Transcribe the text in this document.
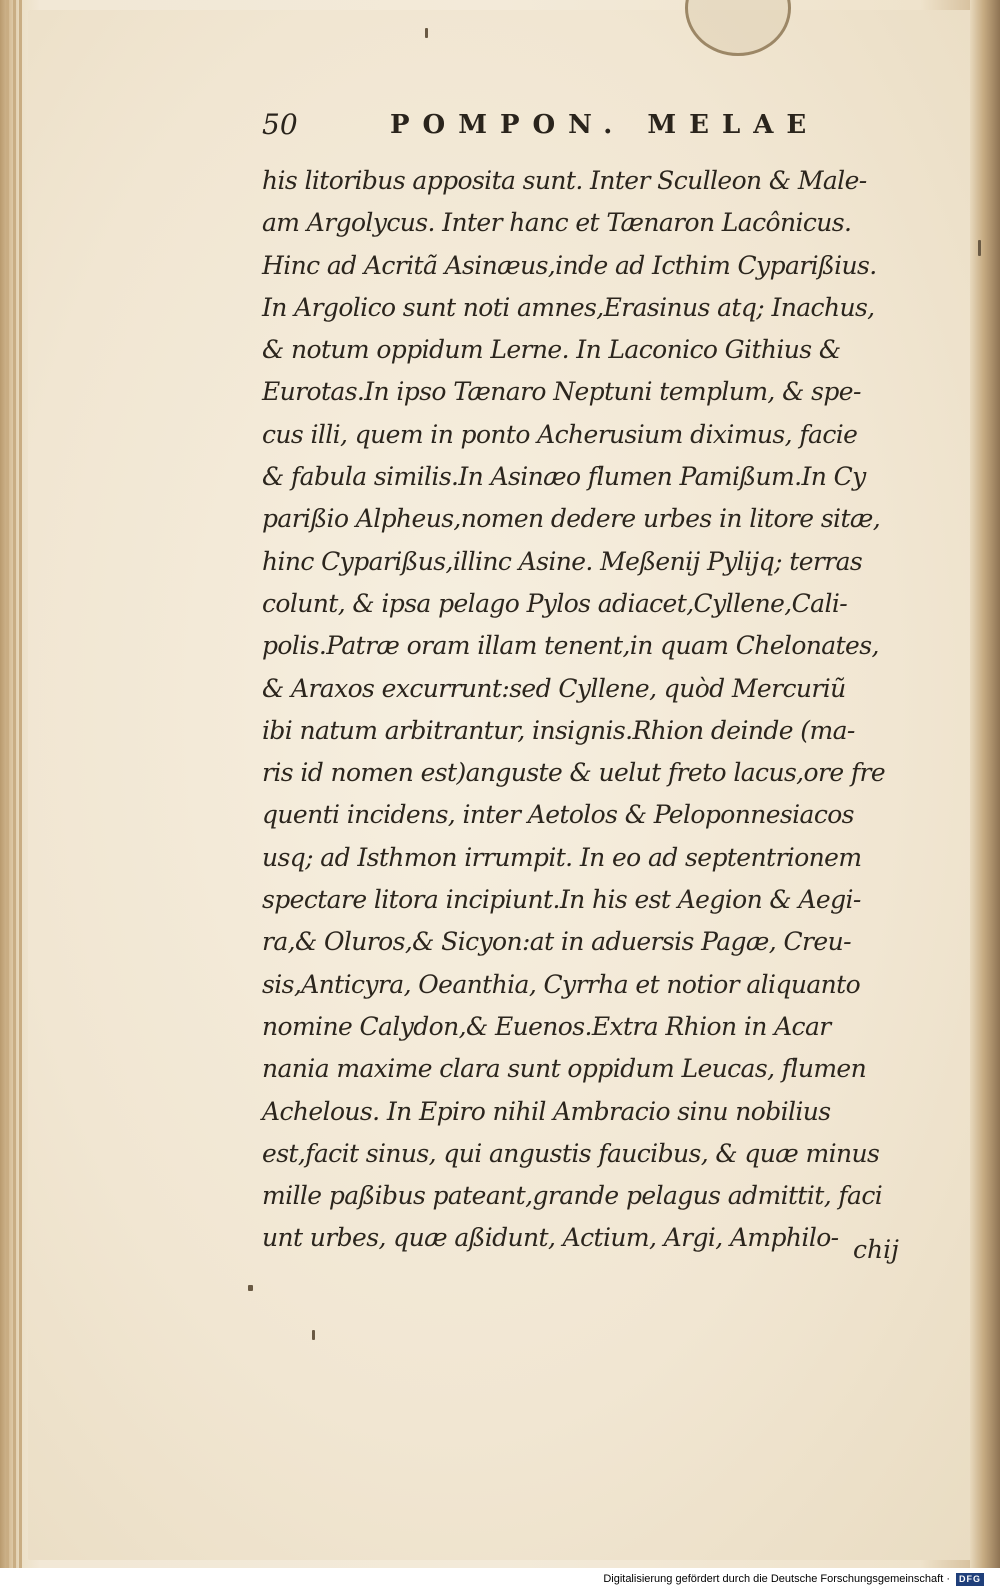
50	POMPON. MELAE
his litoribus apposita sunt. Inter Sculleon & Male-
am Argolycus. Inter hanc et Tænaron Lacônicus.
Hinc ad Acritã Asinæus,inde ad Icthim Cyparißius.
In Argolico sunt noti amnes,Erasinus atq; Inachus,
& notum oppidum Lerne. In Laconico Githius &
Eurotas.In ipso Tænaro Neptuni templum, & spe-
cus illi, quem in ponto Acherusium diximus, facie
& fabula similis.In Asinæo flumen Pamißum.In Cy
parißio Alpheus,nomen dedere urbes in litore sitæ,
hinc Cyparißus,illinc Asine. Meßenij Pylijq; terras
colunt, & ipsa pelago Pylos adiacet,Cyllene,Cali-
polis.Patræ oram illam tenent,in quam Chelonates,
& Araxos excurrunt:sed Cyllene, quòd Mercuriũ
ibi natum arbitrantur, insignis.Rhion deinde (ma-
ris id nomen est)anguste & uelut freto lacus,ore fre
quenti incidens, inter Aetolos & Peloponnesiacos
usq; ad Isthmon irrumpit. In eo ad septentrionem
spectare litora incipiunt.In his est Aegion & Aegi-
ra,& Oluros,& Sicyon:at in aduersis Pagæ, Creu-
sis,Anticyra, Oeanthia, Cyrrha et notior aliquanto
nomine Calydon,& Euenos.Extra Rhion in Acar
nania maxime clara sunt oppidum Leucas, flumen
Achelous. In Epiro nihil Ambracio sinu nobilius
est,facit sinus, qui angustis faucibus, & quæ minus
mille paßibus pateant,grande pelagus admittit, faci
unt urbes, quæ aßidunt, Actium, Argi, Amphilo- chij
Digitalisierung gefördert durch die Deutsche Forschungsgemeinschaft ·	DFG
